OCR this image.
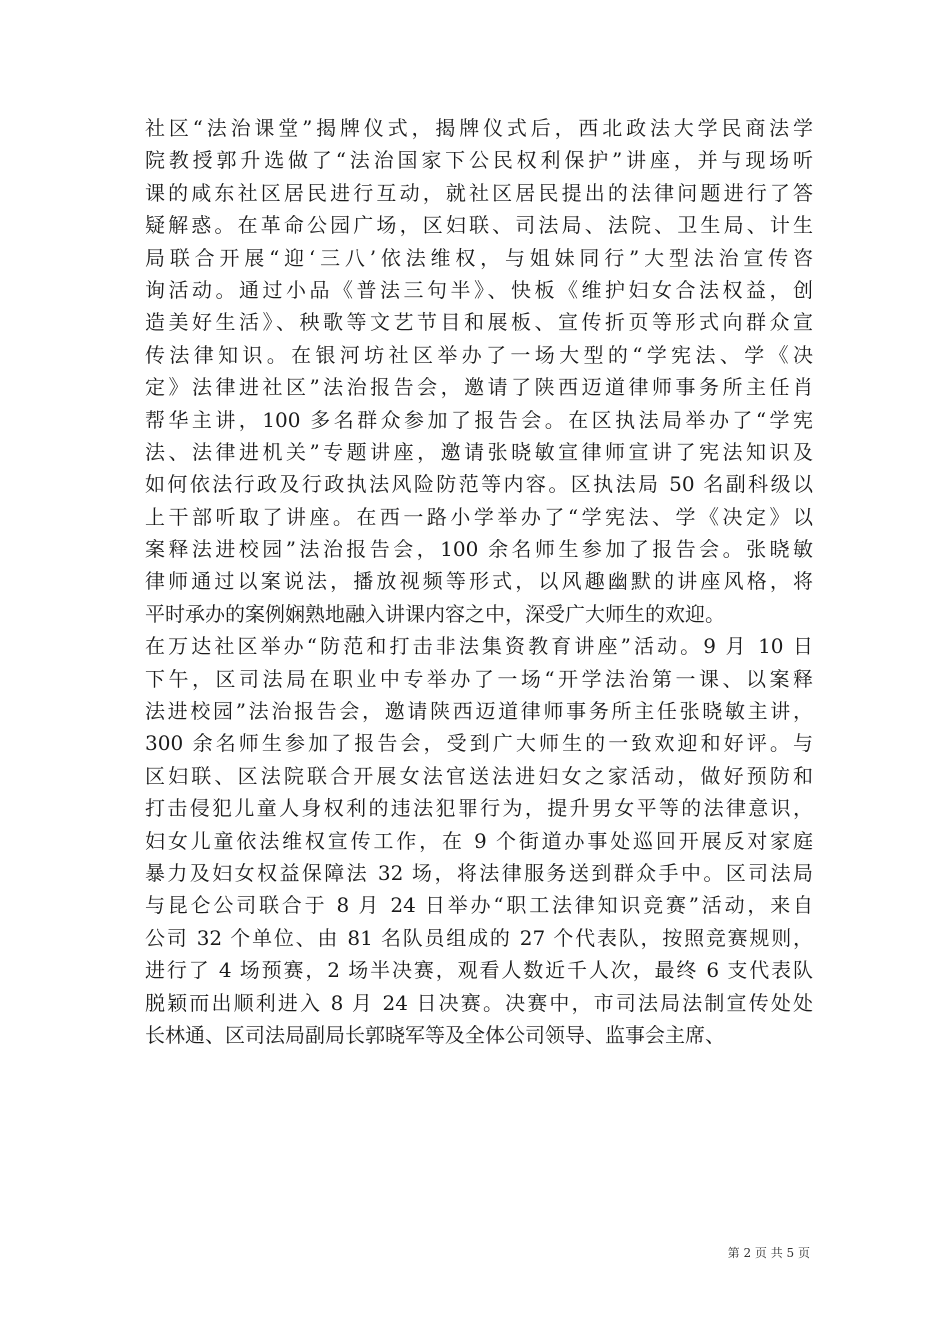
社区“法治课堂”揭牌仪式，揭牌仪式后，西北政法大学民商法学
院教授郭升选做了“法治国家下公民权利保护”讲座，并与现场听
课的咸东社区居民进行互动，就社区居民提出的法律问题进行了答
疑解惑。在革命公园广场，区妇联、司法局、法院、卫生局、计生
局联合开展“迎‘三八’依法维权，与姐妹同行”大型法治宣传咨
询活动。通过小品《普法三句半》、快板《维护妇女合法权益，创
造美好生活》、秧歌等文艺节目和展板、宣传折页等形式向群众宣
传法律知识。在银河坊社区举办了一场大型的“学宪法、学《决
定》法律进社区”法治报告会，邀请了陕西迈道律师事务所主任肖
帮华主讲，100 多名群众参加了报告会。在区执法局举办了“学宪
法、法律进机关”专题讲座，邀请张晓敏宣律师宣讲了宪法知识及
如何依法行政及行政执法风险防范等内容。区执法局 50 名副科级以
上干部听取了讲座。在西一路小学举办了“学宪法、学《决定》以
案释法进校园”法治报告会，100 余名师生参加了报告会。张晓敏
律师通过以案说法，播放视频等形式，以风趣幽默的讲座风格，将
平时承办的案例娴熟地融入讲课内容之中，深受广大师生的欢迎。
在万达社区举办“防范和打击非法集资教育讲座”活动。9 月 10 日
下午，区司法局在职业中专举办了一场“开学法治第一课、以案释
法进校园”法治报告会，邀请陕西迈道律师事务所主任张晓敏主讲，
300 余名师生参加了报告会，受到广大师生的一致欢迎和好评。与
区妇联、区法院联合开展女法官送法进妇女之家活动，做好预防和
打击侵犯儿童人身权利的违法犯罪行为，提升男女平等的法律意识，
妇女儿童依法维权宣传工作，在 9 个街道办事处巡回开展反对家庭
暴力及妇女权益保障法 32 场，将法律服务送到群众手中。区司法局
与昆仑公司联合于 8 月 24 日举办“职工法律知识竞赛”活动，来自
公司 32 个单位、由 81 名队员组成的 27 个代表队，按照竞赛规则，
进行了 4 场预赛，2 场半决赛，观看人数近千人次，最终 6 支代表队
脱颖而出顺利进入 8 月 24 日决赛。决赛中，市司法局法制宣传处处
长林通、区司法局副局长郭晓军等及全体公司领导、监事会主席、
第 2 页 共 5 页
